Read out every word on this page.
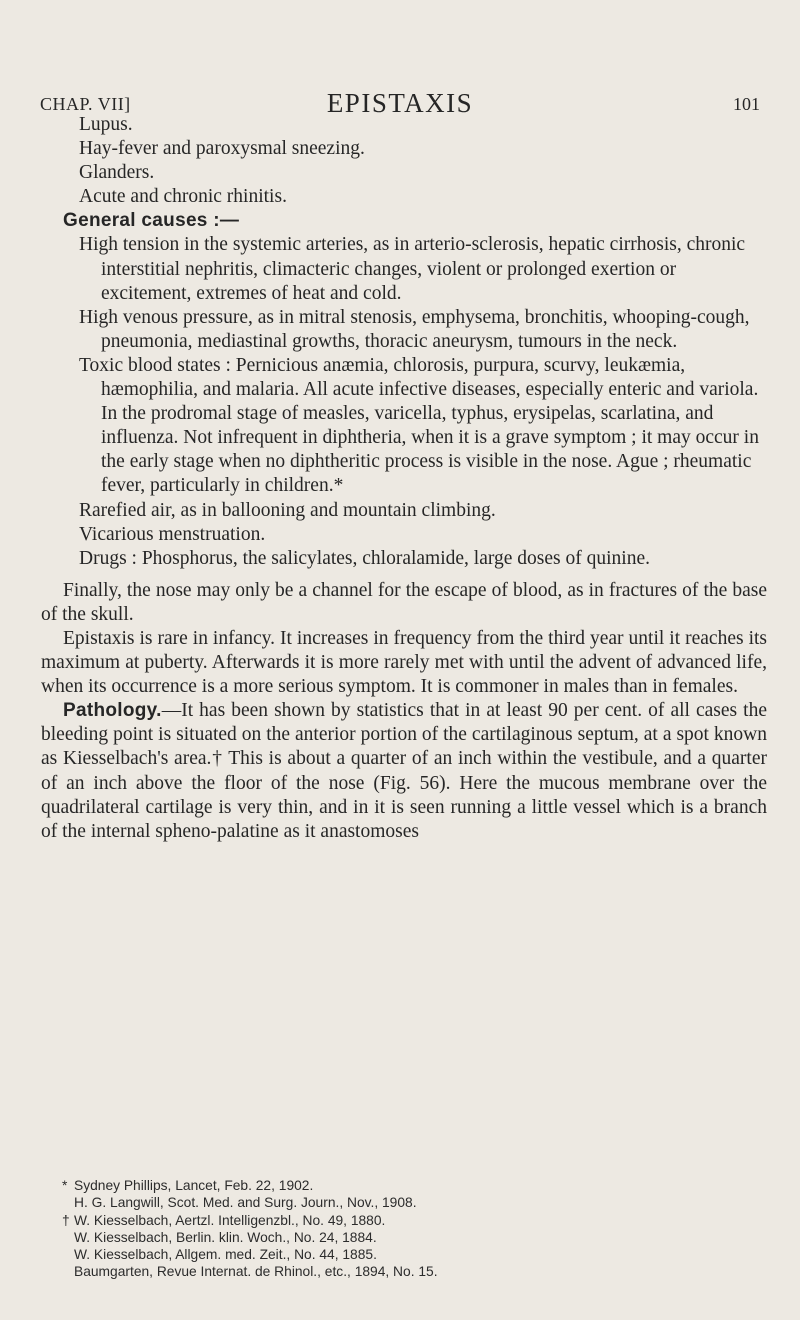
CHAP. VII]	EPISTAXIS	101

Lupus.

Hay-fever and paroxysmal sneezing.

Glanders.

Acute and chronic rhinitis.

General causes :—

High tension in the systemic arteries, as in arterio-sclerosis, hepatic cirrhosis, chronic interstitial nephritis, climacteric changes, violent or prolonged exertion or excitement, extremes of heat and cold.

High venous pressure, as in mitral stenosis, emphysema, bronchitis, whooping-cough, pneumonia, mediastinal growths, thoracic aneurysm, tumours in the neck.

Toxic blood states : Pernicious anæmia, chlorosis, purpura, scurvy, leukæmia, hæmophilia, and malaria. All acute infective diseases, especially enteric and variola. In the prodromal stage of measles, varicella, typhus, erysipelas, scarlatina, and influenza. Not infrequent in diphtheria, when it is a grave symptom ; it may occur in the early stage when no diphtheritic process is visible in the nose. Ague ; rheumatic fever, particularly in children.*

Rarefied air, as in ballooning and mountain climbing.

Vicarious menstruation.

Drugs : Phosphorus, the salicylates, chloralamide, large doses of quinine.

Finally, the nose may only be a channel for the escape of blood, as in fractures of the base of the skull.

Epistaxis is rare in infancy. It increases in frequency from the third year until it reaches its maximum at puberty. Afterwards it is more rarely met with until the advent of advanced life, when its occurrence is a more serious symptom. It is commoner in males than in females.

Pathology.—It has been shown by statistics that in at least 90 per cent. of all cases the bleeding point is situated on the anterior portion of the cartilaginous septum, at a spot known as Kiesselbach's area.† This is about a quarter of an inch within the vestibule, and a quarter of an inch above the floor of the nose (Fig. 56). Here the mucous membrane over the quadrilateral cartilage is very thin, and in it is seen running a little vessel which is a branch of the internal spheno-palatine as it anastomoses

* Sydney Phillips, Lancet, Feb. 22, 1902.

H. G. Langwill, Scot. Med. and Surg. Journ., Nov., 1908.

† W. Kiesselbach, Aertzl. Intelligenzbl., No. 49, 1880.

W. Kiesselbach, Berlin. klin. Woch., No. 24, 1884.

W. Kiesselbach, Allgem. med. Zeit., No. 44, 1885.

Baumgarten, Revue Internat. de Rhinol., etc., 1894, No. 15.
